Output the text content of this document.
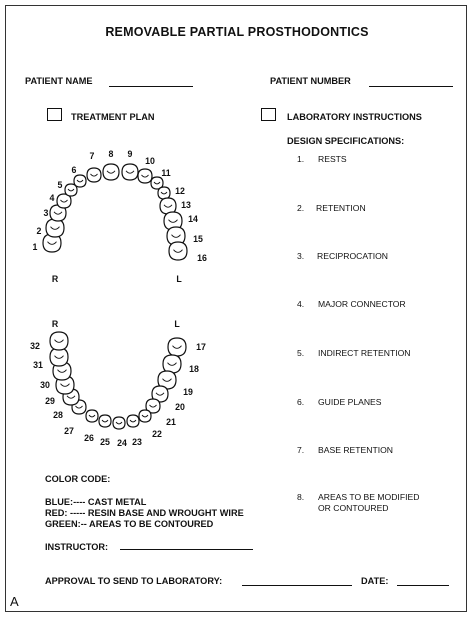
REMOVABLE PARTIAL PROSTHODONTICS
PATIENT NAME	PATIENT NUMBER
TREATMENT PLAN	LABORATORY INSTRUCTIONS
DESIGN SPECIFICATIONS:
1. RESTS
2. RETENTION
3. RECIPROCATION
4. MAJOR CONNECTOR
5. INDIRECT RETENTION
6. GUIDE PLANES
7. BASE RETENTION
8. AREAS TO BE MODIFIED
OR CONTOURED
1
2
3
4
5
6
7 8 9
10
11
12
13
14
15
16
17
18
19
20
21
22
23
24
25
26
27
28
29
30
31
32
R	L
R	L
COLOR CODE:
BLUE:---- CAST METAL
RED: ----- RESIN BASE AND WROUGHT WIRE
GREEN:-- AREAS TO BE CONTOURED
INSTRUCTOR:
APPROVAL TO SEND TO LABORATORY:	DATE:
A
